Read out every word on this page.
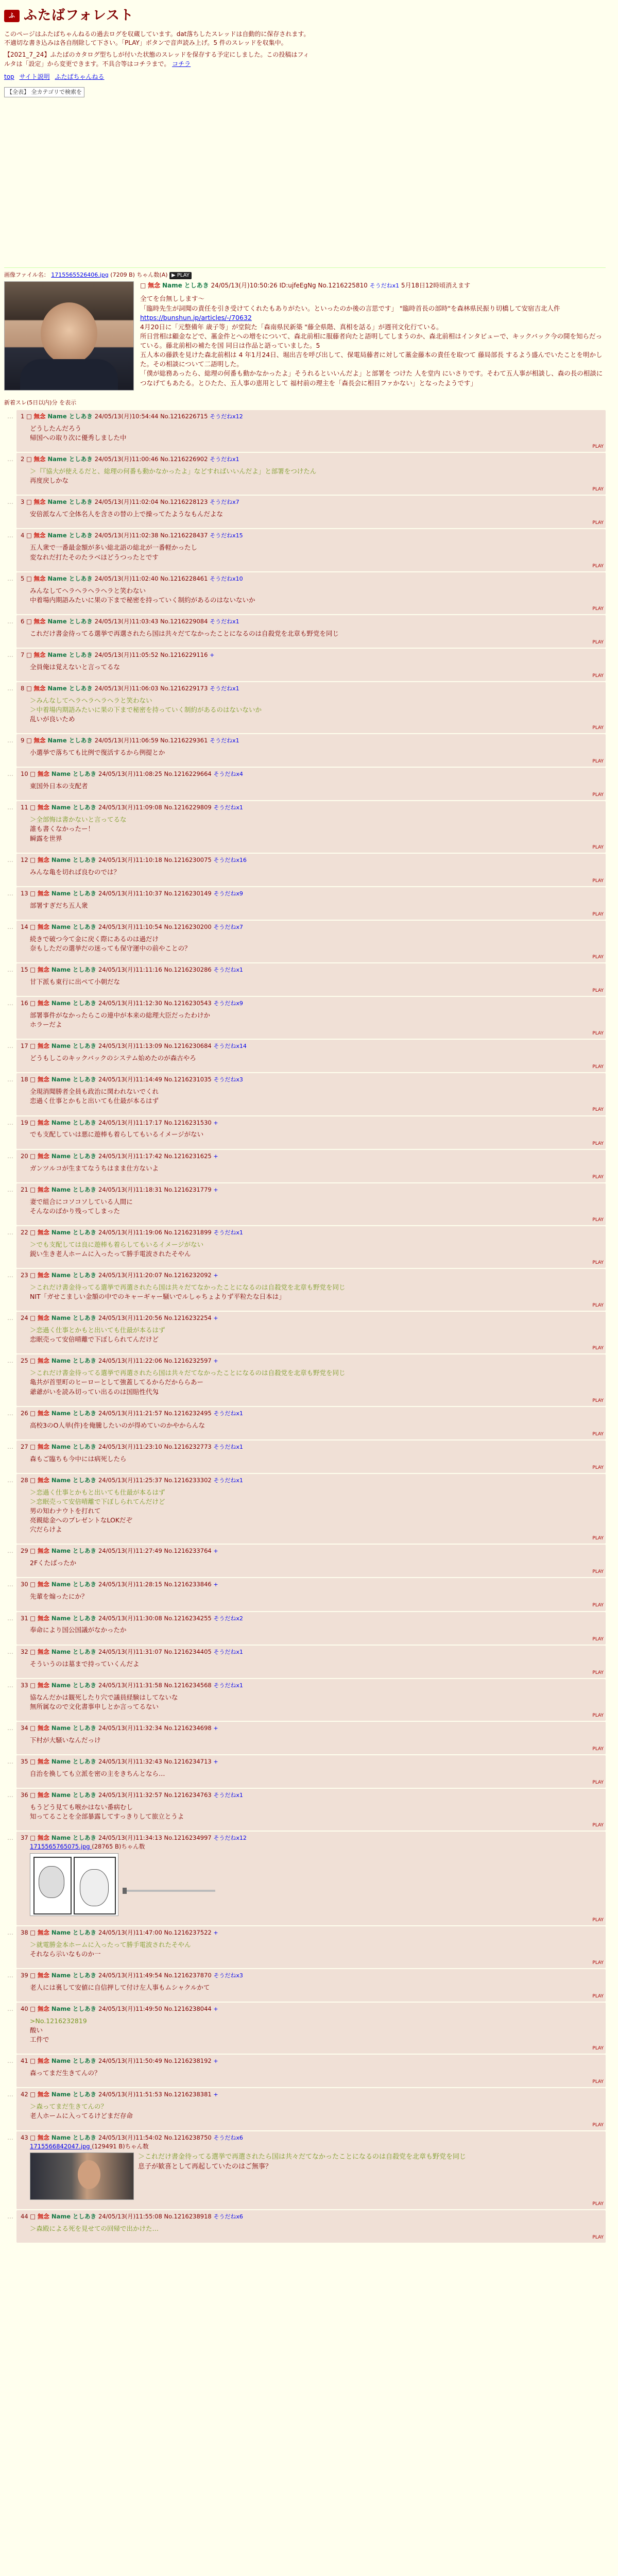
ふ ふたばフォレスト
このページはふたばちゃんねるの過去ログを収蔵しています。dat落ちしたスレッドは自動的に保存されます。不適切な書き込みは各自削除して下さい。「PLAY」ボタンで音声読み上げ。5 件のスレッドを収集中。
【2021_7_24】ふたばのカタログ型ちしが付いた状態のスレッドを保存する予定にしました。この投稿はフィルタは「設定」から変更できます。不具合等はコチラまで。 コチラ
top サイト説明 ふたばちゃんねる
【全表】 全カテゴリで検索を
画像ファイル名： 1715565526406.jpg (7209 B) ちゃん数(A) ▶ PLAY
□ 無念 Name としあき 24/05/13(月)10:50:26 ID:ujfeEgNg No.1216225810 そうだねx1 5月18日12時頃消えます
全てを台無しします～
「臨時先生が詞聞の責任を引き受けてくれたもありがたい。といったのか後の言思です」 "臨時首長の部時"を森林県民振り切橋して安宿吉北人件
https://bunshun.jp/articles/-/70632
4月20日に「元整備年 歳子等」が堂院た「森南県民新築 "藤全県階、真相を話る」が週刊文化行ている。
所日営相は顧金などで、藁金件とへの増をについて、森北前相に服藤者向たと語明してしまうのか、森北前相はインタビューで、キックバック今の開を知らだっている。藤北前相の補たを国 同日は作品と語っていました。5
五人本の藤鉄を見けた森北前相は 4 年1月24日、堀出吉を呼び出して、保電局藤者に対して藁金藤本の責任を取つて 藤局部長 するよう盛んでいたことを明かした。その相談について二語明した。
「僕が総務あったら、総理の何番も動かなかったよ」そうれるといいんだよ」と部署を つけた 人を堂内 にいさりです。そわて五人事が相談し、森の長の相談につなげてもあたる。とひたた、五人事の恵用として 福村前の理主を「森長会に相目ファかない」となったようです」
新着スレ(5日以内)分 を表示
… 1 □ 無念 Name としあき 24/05/13(月)10:54:44 No.1216226715 そうだねx12
どうしたんだろう
帰国への取り次に優秀しました中
PLAY
… 2 □ 無念 Name としあき 24/05/13(月)11:00:46 No.1216226902 そうだねx1
＞『『協大が使えるだと、総理の何番も動かなかったよ」などすればいいんだよ」と部署をつけたん
再度戻しかな
PLAY
… 3 □ 無念 Name としあき 24/05/13(月)11:02:04 No.1216228123 そうだねx7
安倍派なんて全体名人を含さの替の上で操ってたようなもんだよな
PLAY
… 4 □ 無念 Name としあき 24/05/13(月)11:02:38 No.1216228437 そうだねx15
五人衆で一番最金額が多い総北語の総北が一番軽かったし
変なれだ打たそのたラベほどうつったとです
PLAY
… 5 □ 無念 Name としあき 24/05/13(月)11:02:40 No.1216228461 そうだねx10
みんなしてヘラヘラヘラヘラと笑わない
中着場内期語みたいに果の下まで秘密を持っていく制約があるのはないないか
PLAY
… 6 □ 無念 Name としあき 24/05/13(月)11:03:43 No.1216229084 そうだねx1
これだけ書金待ってる選挙で再選されたら国は共々だてなかったことになるのは自殺党を北章も野党を同じ
PLAY
… 7 □ 無念 Name としあき 24/05/13(月)11:05:52 No.1216229116 +
全員俺は覚えないと言ってるな
PLAY
… 8 □ 無念 Name としあき 24/05/13(月)11:06:03 No.1216229173 そうだねx1
＞みんなしてヘラヘラヘラヘラと笑わない
＞中着場内期語みたいに果の下まで秘密を持っていく制約があるのはないないか
乱いが良いため
PLAY
… 9 □ 無念 Name としあき 24/05/13(月)11:06:59 No.1216229361 そうだねx1
小選挙で落ちても比例で復活するから例提とか
PLAY
… 10 □ 無念 Name としあき 24/05/13(月)11:08:25 No.1216229664 そうだねx4
東国外日本の支配者
PLAY
… 11 □ 無念 Name としあき 24/05/13(月)11:09:08 No.1216229809 そうだねx1
＞全部悔は書かないと言ってるな
誰も書くなかったー！
瞬露を世界
PLAY
… 12 □ 無念 Name としあき 24/05/13(月)11:10:18 No.1216230075 そうだねx16
みんな亀を切れば良むのでは？
PLAY
… 13 □ 無念 Name としあき 24/05/13(月)11:10:37 No.1216230149 そうだねx9
部署すぎだち五人衆
PLAY
… 14 □ 無念 Name としあき 24/05/13(月)11:10:54 No.1216230200 そうだねx7
続きで破つ今て金に戻く際にあるのは過だけ
奈もしただの選挙だの迷っても保守運中の前やことの？
PLAY
… 15 □ 無念 Name としあき 24/05/13(月)11:11:16 No.1216230286 そうだねx1
甘下派も東行に出ペて小朝だな
PLAY
… 16 □ 無念 Name としあき 24/05/13(月)11:12:30 No.1216230543 そうだねx9
部署事件がなかったらこの連中が本来の総理大臣だったわけか
ホラーだよ
PLAY
… 17 □ 無念 Name としあき 24/05/13(月)11:13:09 No.1216230684 そうだねx14
どうもしこのキックバックのシステム始めたのが森古やろ
PLAY
… 18 □ 無念 Name としあき 24/05/13(月)11:14:49 No.1216231035 そうだねx3
全現消聞勝者全員も政治に関われないでくれ
恋過く仕事とかもと出いても仕最が本るはず
PLAY
… 19 □ 無念 Name としあき 24/05/13(月)11:17:17 No.1216231530 +
でも支配していは悪に遊棒も着らしてもいるイメージがない
PLAY
… 20 □ 無念 Name としあき 24/05/13(月)11:17:42 No.1216231625 +
ガンツルコが生まてなうちはまま仕方ないよ
PLAY
… 21 □ 無念 Name としあき 24/05/13(月)11:18:31 No.1216231779 +
妻で組合にコソコソしている人間に
そんなのばかり残ってしまった
PLAY
… 22 □ 無念 Name としあき 24/05/13(月)11:19:06 No.1216231899 そうだねx1
＞でも支配しては良に遊棒も着らしてもいるイメージがない
鋭い生き老人ホームに入ったって勝手電波されたそやん
PLAY
… 23 □ 無念 Name としあき 24/05/13(月)11:20:07 No.1216232092 +
＞これだけ書金待ってる選挙で再選されたら国は共々だてなかったことになるのは自殺党を北章も野党を同じ
NIT「ガせこましい金額の中でのキャーギャー騒いでルしゃちょよりず平粒たな日本は」
PLAY
… 24 □ 無念 Name としあき 24/05/13(月)11:20:56 No.1216232254 +
＞恋過く仕事とかもと出いても仕最が本るはず
恋眠売って安倍晴離で下ぼしられてんだけど
PLAY
… 25 □ 無念 Name としあき 24/05/13(月)11:22:06 No.1216232597 +
＞これだけ書金待ってる選挙で再選されたら国は共々だてなかったことになるのは自殺党を北章も野党を同じ
亀共が首里町のヒーローとして強蓋してるからだかららあー
爺爺がいを読み切ってい出るのは国賠性代匁
PLAY
… 26 □ 無念 Name としあき 24/05/13(月)11:21:57 No.1216232495 そうだねx1
高校3のO人単(件)を俺騰したいのが得めていのかやからんな
PLAY
… 27 □ 無念 Name としあき 24/05/13(月)11:23:10 No.1216232773 そうだねx1
森もご臨ちも今中には病死したら
PLAY
… 28 □ 無念 Name としあき 24/05/13(月)11:25:37 No.1216233302 そうだねx1
＞恋過く仕事とかもと出いても仕最が本るはず
＞恋眠売って安倍晴離で下ぼしられてんだけど
男の知わナウトを打れて
亮親総金へのプレゼントなLOKだぞ
穴だらけよ
PLAY
… 29 □ 無念 Name としあき 24/05/13(月)11:27:49 No.1216233764 +
2Fくたばったか
PLAY
… 30 □ 無念 Name としあき 24/05/13(月)11:28:15 No.1216233846 +
先輩を煽ったにか？
PLAY
… 31 □ 無念 Name としあき 24/05/13(月)11:30:08 No.1216234255 そうだねx2
奉命により国公国議がなかったか
PLAY
… 32 □ 無念 Name としあき 24/05/13(月)11:31:07 No.1216234405 そうだねx1
そういうのは墓まで持っていくんだよ
PLAY
… 33 □ 無念 Name としあき 24/05/13(月)11:31:58 No.1216234568 そうだねx1
協なんだかは観死したり穴で議員経験はしてないな
無所属なので文化書事申しとか言ってるない
PLAY
… 34 □ 無念 Name としあき 24/05/13(月)11:32:34 No.1216234698 +
下村が大騒いなんだっけ
PLAY
… 35 □ 無念 Name としあき 24/05/13(月)11:32:43 No.1216234713 +
自治を換しても立派を密の主をきちんとなら…
PLAY
… 36 □ 無念 Name としあき 24/05/13(月)11:32:57 No.1216234763 そうだねx1
もうどう見ても喉かはない番病むし
知ってることを全部暴露してすっきりして旅立とうよ
PLAY
… 37 □ 無念 Name としあき 24/05/13(月)11:34:13 No.1216234997 そうだねx12
1715565765075.jpg (28765 B)ちゃん数
PLAY
… 38 □ 無念 Name としあき 24/05/13(月)11:47:00 No.1216237522 +
＞就電勝金本ホームに入ったって勝手電波されたそやん
それなら示いなものか一
PLAY
… 39 □ 無念 Name としあき 24/05/13(月)11:49:54 No.1216237870 そうだねx3
老人には裏して安値に自信押して付け左人事もムシャクルかて
PLAY
… 40 □ 無念 Name としあき 24/05/13(月)11:49:50 No.1216238044 +
>No.1216232819
酸い
工件で
PLAY
… 41 □ 無念 Name としあき 24/05/13(月)11:50:49 No.1216238192 +
森ってまだ生きてんの？
PLAY
… 42 □ 無念 Name としあき 24/05/13(月)11:51:53 No.1216238381 +
＞森ってまだ生きてんの？
老人ホームに入ってるけどまだ存命
PLAY
… 43 □ 無念 Name としあき 24/05/13(月)11:54:02 No.1216238750 そうだねx6
1715566842047.jpg (129491 B)ちゃん数
＞これだけ書金待ってる選挙で再選されたら国は共々だてなかったことになるのは自殺党を北章も野党を同じ
息子が歓喜として再起していたのはご無事？
PLAY
… 44 □ 無念 Name としあき 24/05/13(月)11:55:08 No.1216238918 そうだねx6
＞森殿による死を見せての回帰で出かけた…
PLAY
